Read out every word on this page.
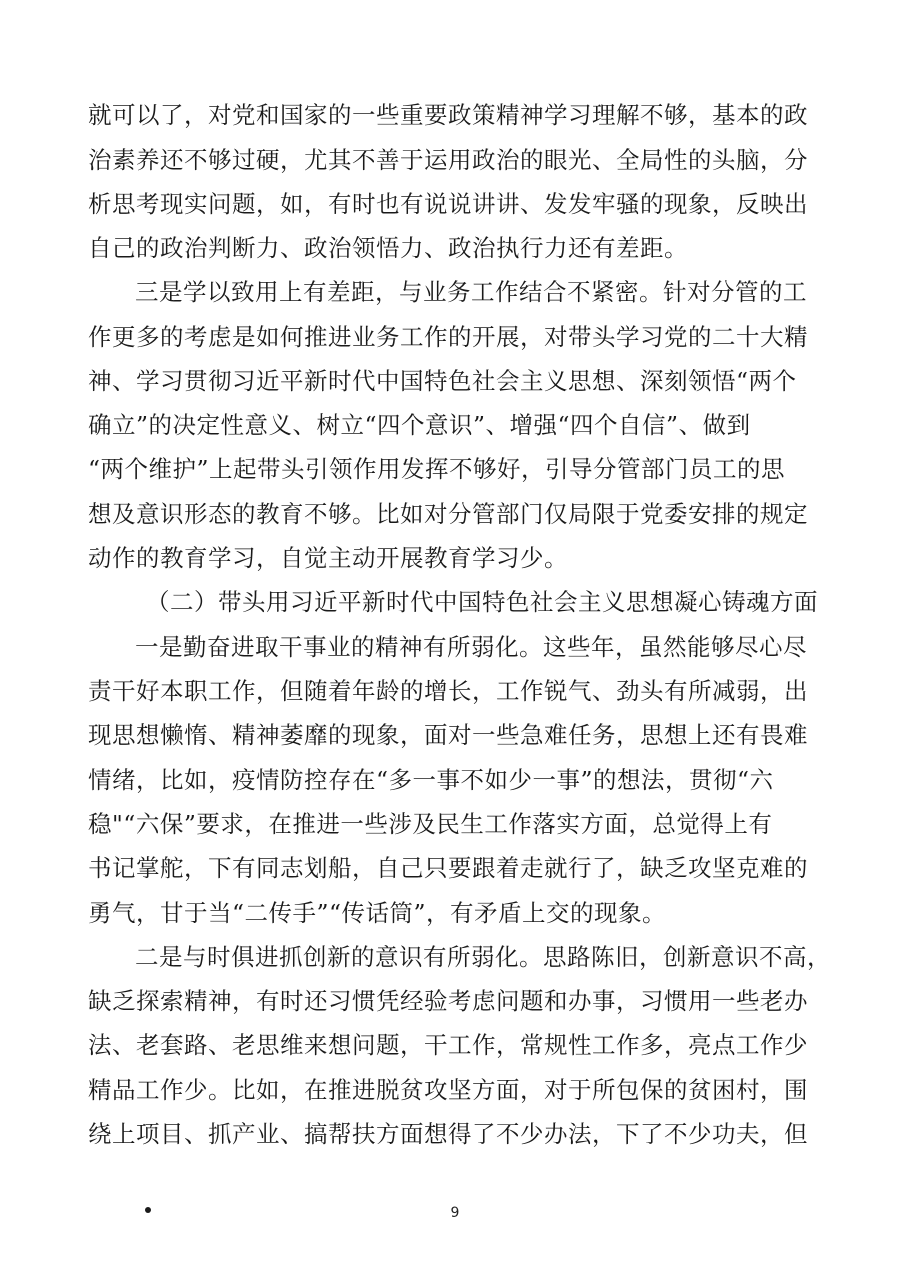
就可以了，对党和国家的一些重要政策精神学习理解不够，基本的政
治素养还不够过硬，尤其不善于运用政治的眼光、全局性的头脑，分
析思考现实问题，如，有时也有说说讲讲、发发牢骚的现象，反映出
自己的政治判断力、政治领悟力、政治执行力还有差距。
三是学以致用上有差距，与业务工作结合不紧密。针对分管的工
作更多的考虑是如何推进业务工作的开展，对带头学习党的二十大精
神、学习贯彻习近平新时代中国特色社会主义思想、深刻领悟“两个
确立”的决定性意义、树立“四个意识”、增强“四个自信”、做到
“两个维护”上起带头引领作用发挥不够好，引导分管部门员工的思
想及意识形态的教育不够。比如对分管部门仅局限于党委安排的规定
动作的教育学习，自觉主动开展教育学习少。
（二）带头用习近平新时代中国特色社会主义思想凝心铸魂方面
一是勤奋进取干事业的精神有所弱化。这些年，虽然能够尽心尽
责干好本职工作，但随着年龄的增长，工作锐气、劲头有所减弱，出
现思想懒惰、精神萎靡的现象，面对一些急难任务，思想上还有畏难
情绪，比如，疫情防控存在“多一事不如少一事”的想法，贯彻“六
稳"“六保”要求，在推进一些涉及民生工作落实方面，总觉得上有
书记掌舵，下有同志划船，自己只要跟着走就行了，缺乏攻坚克难的
勇气，甘于当“二传手”“传话筒”，有矛盾上交的现象。
二是与时俱进抓创新的意识有所弱化。思路陈旧，创新意识不高，
缺乏探索精神，有时还习惯凭经验考虑问题和办事，习惯用一些老办
法、老套路、老思维来想问题，干工作，常规性工作多，亮点工作少
精品工作少。比如，在推进脱贫攻坚方面，对于所包保的贫困村，围
绕上项目、抓产业、搞帮扶方面想得了不少办法，下了不少功夫，但
9
